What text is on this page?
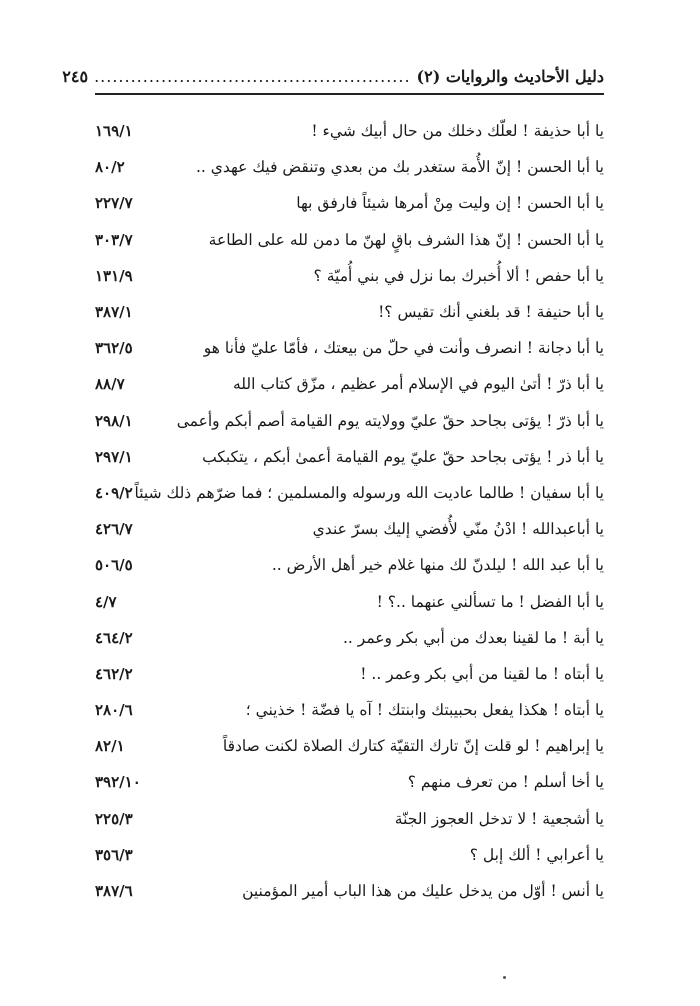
دليل الأحاديث والروايات (٢)
....................................................
٢٤٥
يا أبا حذيفة ! لعلّك دخلك من حال أبيك شيء !
١٦٩/١
يا أبا الحسن ! إنّ الأُمة ستغدر بك من بعدي وتنقض فيك عهدي ..
٨٠/٢
يا أبا الحسن ! إن وليت مِنْ أمرها شيئاً فارفق بها
٢٢٧/٧
يا أبا الحسن ! إنّ هذا الشرف باقٍ لهنّ ما دمن لله على الطاعة
٣٠٣/٧
يا أبا حفص ! ألا أُخبرك بما نزل في بني أُميّة ؟
١٣١/٩
يا أبا حنيفة ! قد بلغني أنك تقيس ؟!
٣٨٧/١
يا أبا دجانة ! انصرف وأنت في حلّ من بيعتك ، فأمّا عليّ فأنا هو
٣٦٢/٥
يا أبا ذرّ ! أتىٰ اليوم في الإسلام أمر عظيم ، مزّق كتاب الله
٨٨/٧
يا أبا ذرّ ! يؤتى بجاحد حقّ عليّ وولايته يوم القيامة أصم أبكم وأعمى
٢٩٨/١
يا أبا ذر ! يؤتى بجاحد حقّ عليّ يوم القيامة أعمىٰ أبكم ، يتكبكب
٢٩٧/١
يا أبا سفيان ! طالما عاديت الله ورسوله والمسلمين ؛ فما ضرّهم ذلك شيئاً
٤٠٩/٢
يا أباعبدالله ! ادْنُ منّي لأُفضي إليك بسرّ عندي
٤٢٦/٧
يا أبا عبد الله ! ليلدنّ لك منها غلام خير أهل الأرض ..
٥٠٦/٥
يا أبا الفضل ! ما تسألني عنهما ..؟ !
٤/٧
يا أبة ! ما لقينا بعدك من أبي بكر وعمر ..
٤٦٤/٢
يا أبتاه ! ما لقينا من أبي بكر وعمر .. !
٤٦٢/٢
يا أبتاه ! هكذا يفعل بحبيبتك وابنتك ! آه يا فضّة ! خذيني ؛
٢٨٠/٦
يا إبراهيم ! لو قلت إنّ تارك التقيّة كتارك الصلاة لكنت صادقاً
٨٢/١
يا أخا أسلم ! من تعرف منهم ؟
٣٩٢/١٠
يا أشجعية ! لا تدخل العجوز الجنّة
٢٢٥/٣
يا أعرابي ! ألك إبل ؟
٣٥٦/٣
يا أنس ! أوّل من يدخل عليك من هذا الباب أمير المؤمنين
٣٨٧/٦
